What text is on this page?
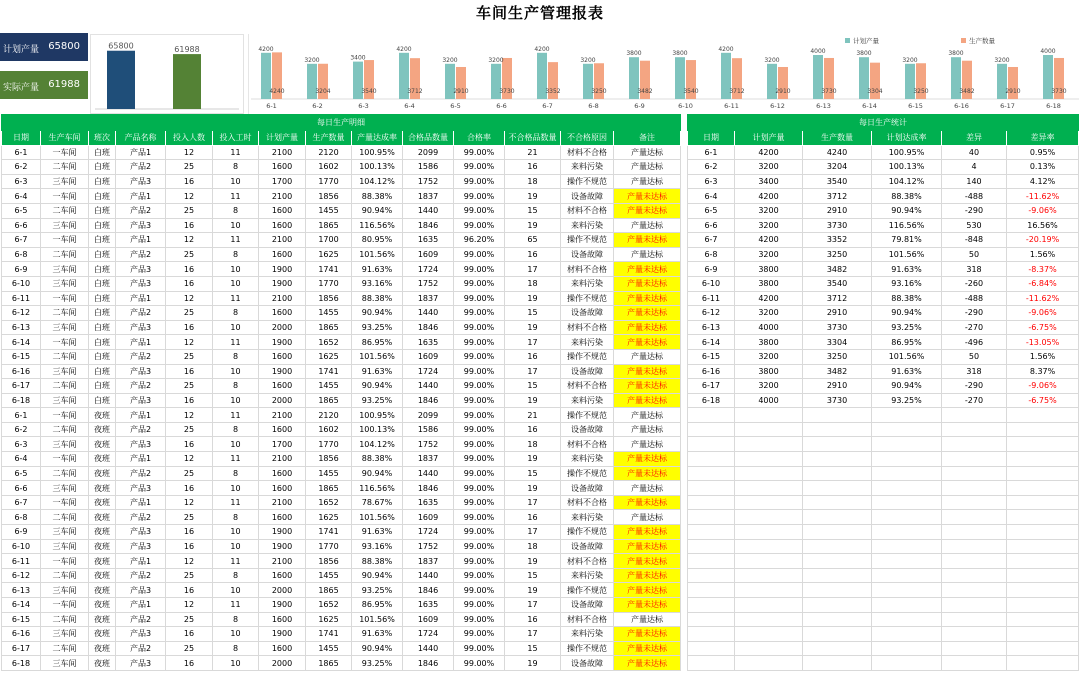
车间生产管理报表
计划产量 65800
实际产量 61988
65800	61988	4200
4240
6-1
3200
3204
6-2
3400
3540
6-3
4200
3712
6-4
3200
2910
6-5
3200
3730
6-6
4200
3352
6-7
3200
3250
6-8
3800
3482
6-9
3800
3540
6-10
4200
3712
6-11
3200
2910
6-12
4000
3730
6-13
3800
3304
6-14
3200
3250
6-15
3800
3482
6-16
3200
2910
6-17
4000
3730
6-18
计划产量	生产数量
每日生产明细													
日期	生产车间	班次	产品名称	投入人数	投入工时	计划产量	生产数量	产量达成率	合格品数量	合格率	不合格品数量	不合格原因	备注
6-1	一车间	白班	产品1	12	11	2100	2120	100.95%	2099	99.00%	21	材料不合格	产量达标
6-2	二车间	白班	产品2	25	8	1600	1602	100.13%	1586	99.00%	16	来料污染	产量达标
6-3	三车间	白班	产品3	16	10	1700	1770	104.12%	1752	99.00%	18	操作不规范	产量达标
6-4	一车间	白班	产品1	12	11	2100	1856	88.38%	1837	99.00%	19	设备故障	产量未达标
6-5	二车间	白班	产品2	25	8	1600	1455	90.94%	1440	99.00%	15	材料不合格	产量未达标
6-6	三车间	白班	产品3	16	10	1600	1865	116.56%	1846	99.00%	19	来料污染	产量达标
6-7	一车间	白班	产品1	12	11	2100	1700	80.95%	1635	96.20%	65	操作不规范	产量未达标
6-8	二车间	白班	产品2	25	8	1600	1625	101.56%	1609	99.00%	16	设备故障	产量达标
6-9	三车间	白班	产品3	16	10	1900	1741	91.63%	1724	99.00%	17	材料不合格	产量未达标
6-10	三车间	白班	产品3	16	10	1900	1770	93.16%	1752	99.00%	18	来料污染	产量未达标
6-11	一车间	白班	产品1	12	11	2100	1856	88.38%	1837	99.00%	19	操作不规范	产量未达标
6-12	二车间	白班	产品2	25	8	1600	1455	90.94%	1440	99.00%	15	设备故障	产量未达标
6-13	三车间	白班	产品3	16	10	2000	1865	93.25%	1846	99.00%	19	材料不合格	产量未达标
6-14	一车间	白班	产品1	12	11	1900	1652	86.95%	1635	99.00%	17	来料污染	产量未达标
6-15	二车间	白班	产品2	25	8	1600	1625	101.56%	1609	99.00%	16	操作不规范	产量达标
6-16	三车间	白班	产品3	16	10	1900	1741	91.63%	1724	99.00%	17	设备故障	产量未达标
6-17	二车间	白班	产品2	25	8	1600	1455	90.94%	1440	99.00%	15	材料不合格	产量未达标
6-18	三车间	白班	产品3	16	10	2000	1865	93.25%	1846	99.00%	19	来料污染	产量未达标
6-1	一车间	夜班	产品1	12	11	2100	2120	100.95%	2099	99.00%	21	操作不规范	产量达标
6-2	二车间	夜班	产品2	25	8	1600	1602	100.13%	1586	99.00%	16	设备故障	产量达标
6-3	三车间	夜班	产品3	16	10	1700	1770	104.12%	1752	99.00%	18	材料不合格	产量达标
6-4	一车间	夜班	产品1	12	11	2100	1856	88.38%	1837	99.00%	19	来料污染	产量未达标
6-5	二车间	夜班	产品2	25	8	1600	1455	90.94%	1440	99.00%	15	操作不规范	产量未达标
6-6	三车间	夜班	产品3	16	10	1600	1865	116.56%	1846	99.00%	19	设备故障	产量达标
6-7	一车间	夜班	产品1	12	11	2100	1652	78.67%	1635	99.00%	17	材料不合格	产量未达标
6-8	二车间	夜班	产品2	25	8	1600	1625	101.56%	1609	99.00%	16	来料污染	产量达标
6-9	三车间	夜班	产品3	16	10	1900	1741	91.63%	1724	99.00%	17	操作不规范	产量未达标
6-10	三车间	夜班	产品3	16	10	1900	1770	93.16%	1752	99.00%	18	设备故障	产量未达标
6-11	一车间	夜班	产品1	12	11	2100	1856	88.38%	1837	99.00%	19	材料不合格	产量未达标
6-12	二车间	夜班	产品2	25	8	1600	1455	90.94%	1440	99.00%	15	来料污染	产量未达标
6-13	三车间	夜班	产品3	16	10	2000	1865	93.25%	1846	99.00%	19	操作不规范	产量未达标
6-14	一车间	夜班	产品1	12	11	1900	1652	86.95%	1635	99.00%	17	设备故障	产量未达标
6-15	二车间	夜班	产品2	25	8	1600	1625	101.56%	1609	99.00%	16	材料不合格	产量达标
6-16	三车间	夜班	产品3	16	10	1900	1741	91.63%	1724	99.00%	17	来料污染	产量未达标
6-17	二车间	夜班	产品2	25	8	1600	1455	90.94%	1440	99.00%	15	操作不规范	产量未达标
6-18	三车间	夜班	产品3	16	10	2000	1865	93.25%	1846	99.00%	19	设备故障	产量未达标
每日生产统计					
日期	计划产量	生产数量	计划达成率	差异	差异率
6-1	4200	4240	100.95%	40	0.95%
6-2	3200	3204	100.13%	4	0.13%
6-3	3400	3540	104.12%	140	4.12%
6-4	4200	3712	88.38%	-488	-11.62%
6-5	3200	2910	90.94%	-290	-9.06%
6-6	3200	3730	116.56%	530	16.56%
6-7	4200	3352	79.81%	-848	-20.19%
6-8	3200	3250	101.56%	50	1.56%
6-9	3800	3482	91.63%	318	-8.37%
6-10	3800	3540	93.16%	-260	-6.84%
6-11	4200	3712	88.38%	-488	-11.62%
6-12	3200	2910	90.94%	-290	-9.06%
6-13	4000	3730	93.25%	-270	-6.75%
6-14	3800	3304	86.95%	-496	-13.05%
6-15	3200	3250	101.56%	50	1.56%
6-16	3800	3482	91.63%	318	8.37%
6-17	3200	2910	90.94%	-290	-9.06%
6-18	4000	3730	93.25%	-270	-6.75%
